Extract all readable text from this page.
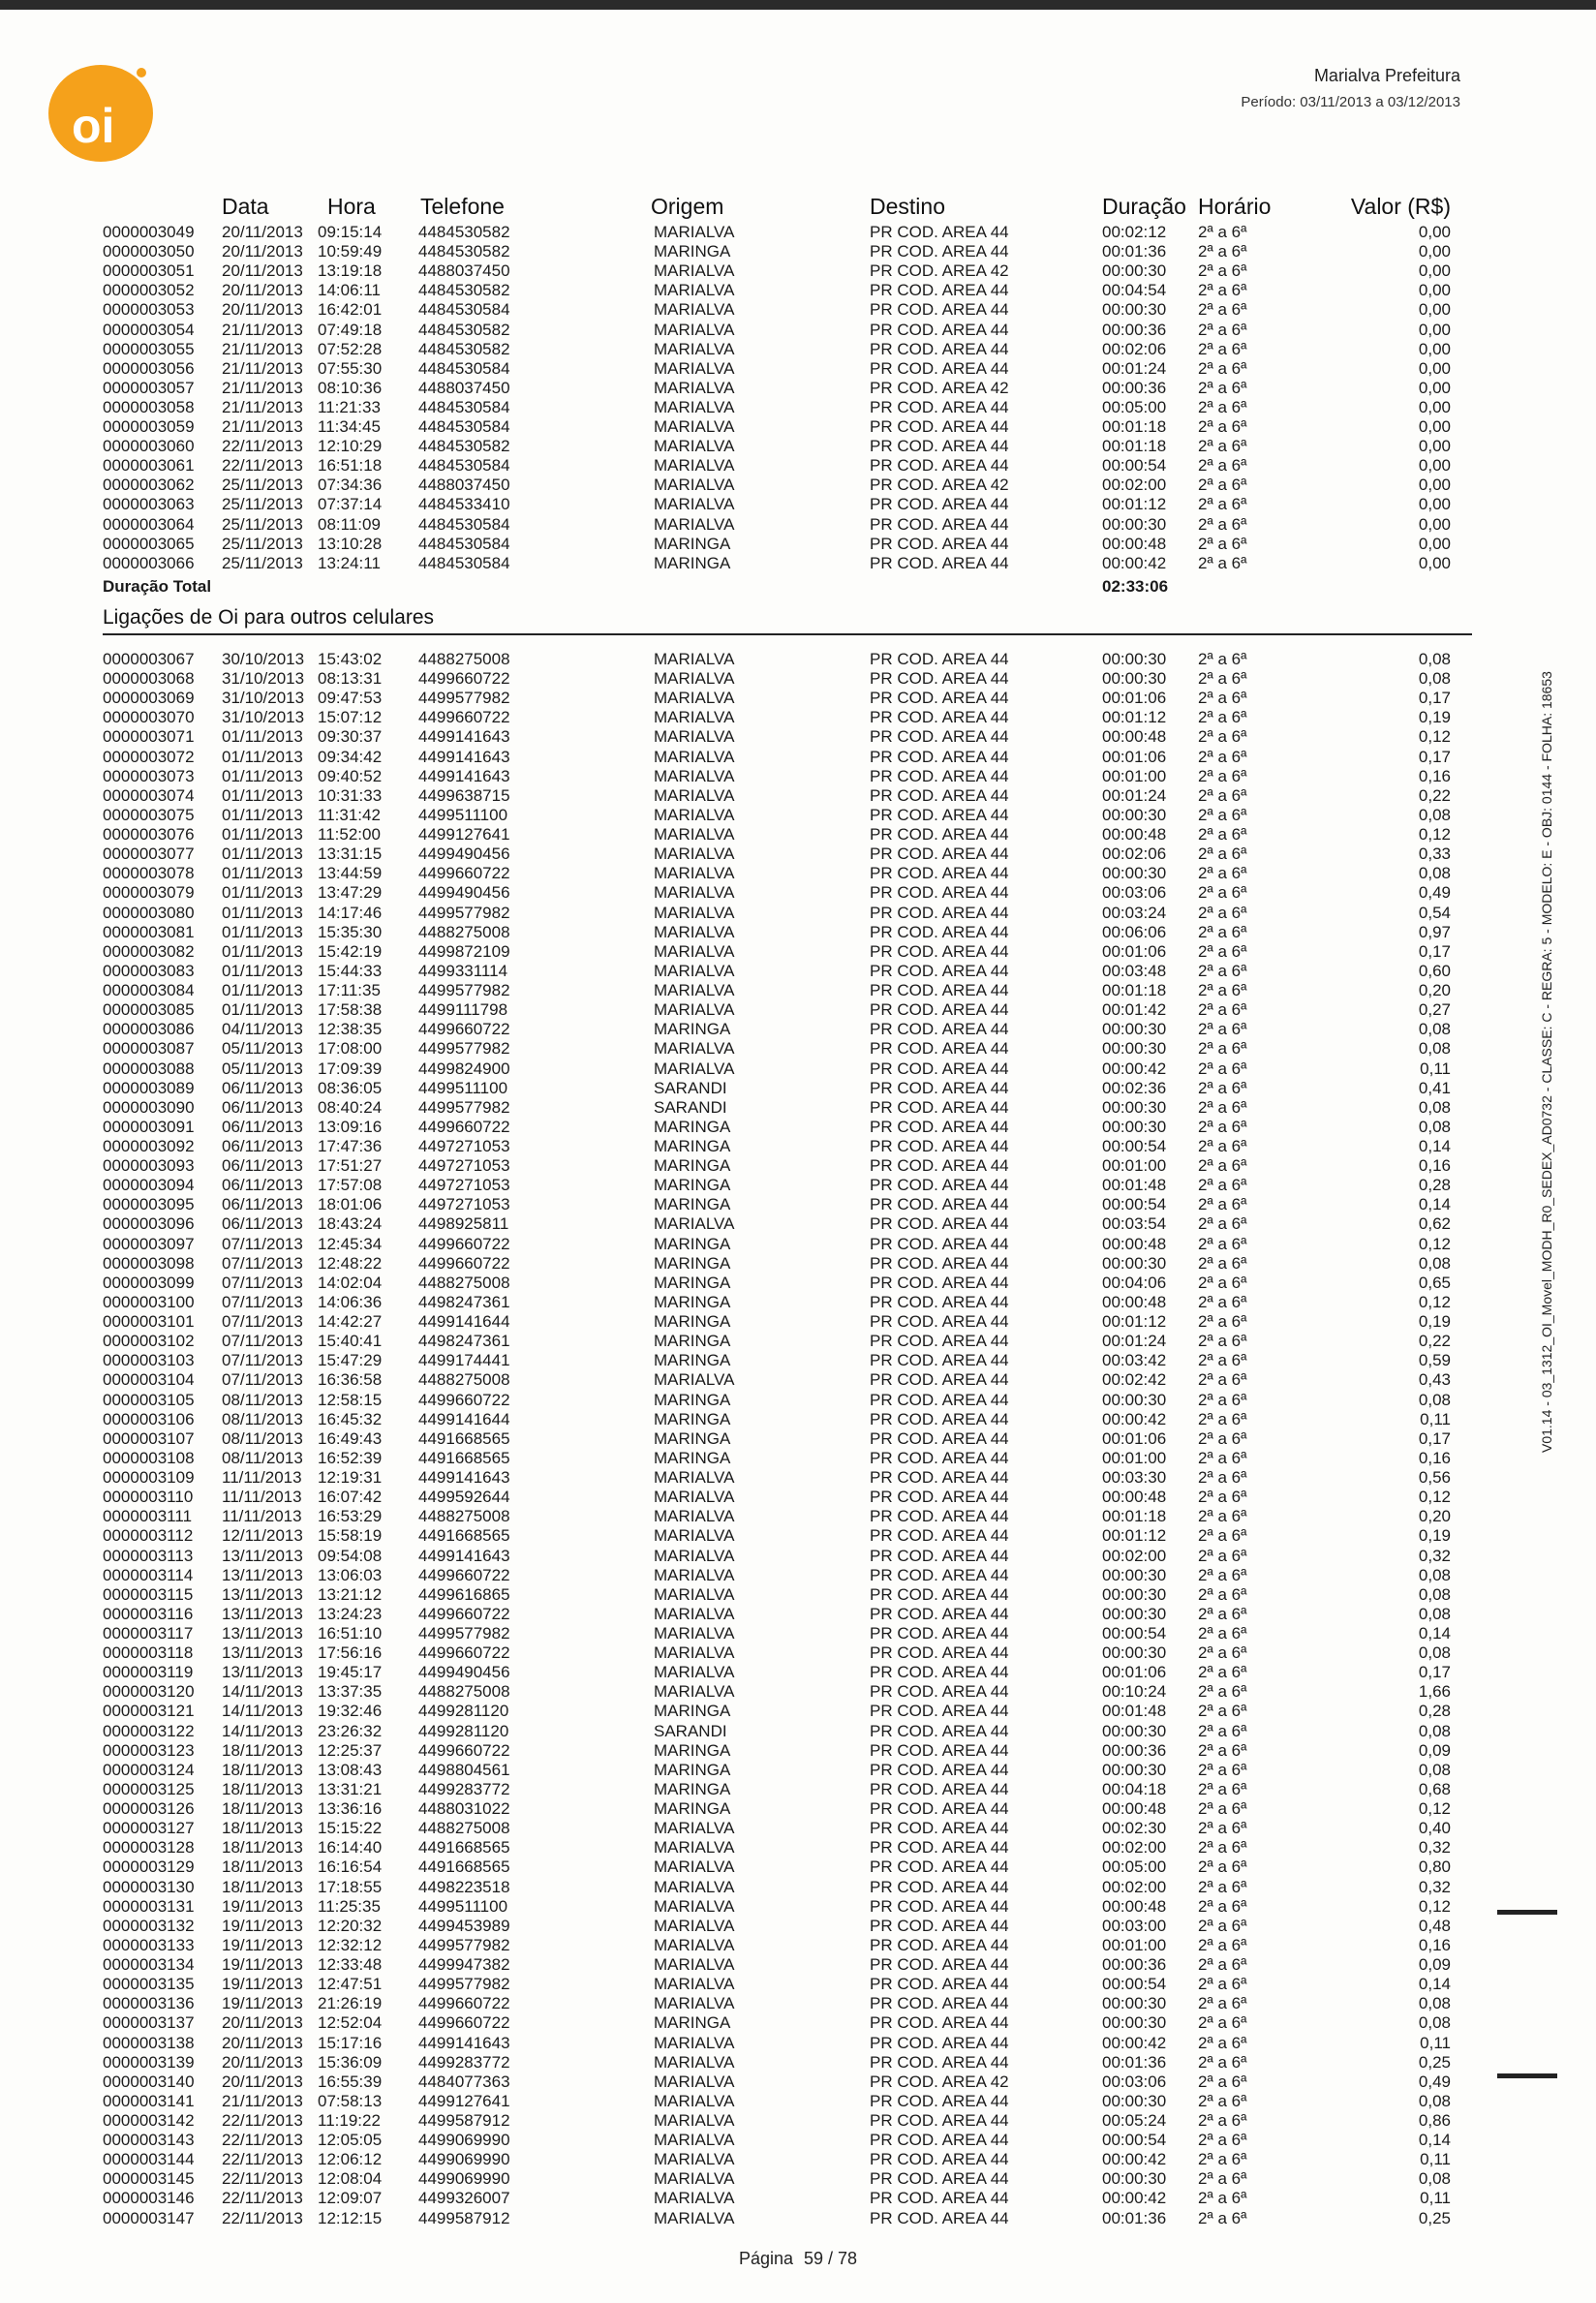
oi
Marialva Prefeitura
Período: 03/11/2013 a 03/12/2013
Data	Hora Telefone	Origem	Destino	Duração Horário	Valor (R$)
0000003049 20/11/2013 09:15:14 4484530582	MARIALVA	PR COD. AREA 44	00:02:12 2ª a 6ª	0,00
0000003050 20/11/2013 10:59:49 4484530582	MARINGA	PR COD. AREA 44	00:01:36 2ª a 6ª	0,00
0000003051 20/11/2013 13:19:18 4488037450	MARIALVA	PR COD. AREA 42	00:00:30 2ª a 6ª	0,00
0000003052 20/11/2013 14:06:11 4484530582	MARIALVA	PR COD. AREA 44	00:04:54 2ª a 6ª	0,00
0000003053 20/11/2013 16:42:01 4484530584	MARIALVA	PR COD. AREA 44	00:00:30 2ª a 6ª	0,00
0000003054 21/11/2013 07:49:18 4484530582	MARIALVA	PR COD. AREA 44	00:00:36 2ª a 6ª	0,00
0000003055 21/11/2013 07:52:28 4484530582	MARIALVA	PR COD. AREA 44	00:02:06 2ª a 6ª	0,00
0000003056 21/11/2013 07:55:30 4484530584	MARIALVA	PR COD. AREA 44	00:01:24 2ª a 6ª	0,00
0000003057 21/11/2013 08:10:36 4488037450	MARIALVA	PR COD. AREA 42	00:00:36 2ª a 6ª	0,00
0000003058 21/11/2013 11:21:33 4484530584	MARIALVA	PR COD. AREA 44	00:05:00 2ª a 6ª	0,00
0000003059 21/11/2013 11:34:45 4484530584	MARIALVA	PR COD. AREA 44	00:01:18 2ª a 6ª	0,00
0000003060 22/11/2013 12:10:29 4484530582	MARIALVA	PR COD. AREA 44	00:01:18 2ª a 6ª	0,00
0000003061 22/11/2013 16:51:18 4484530584	MARIALVA	PR COD. AREA 44	00:00:54 2ª a 6ª	0,00
0000003062 25/11/2013 07:34:36 4488037450	MARIALVA	PR COD. AREA 42	00:02:00 2ª a 6ª	0,00
0000003063 25/11/2013 07:37:14 4484533410	MARIALVA	PR COD. AREA 44	00:01:12 2ª a 6ª	0,00
0000003064 25/11/2013 08:11:09 4484530584	MARIALVA	PR COD. AREA 44	00:00:30 2ª a 6ª	0,00
0000003065 25/11/2013 13:10:28 4484530584	MARINGA	PR COD. AREA 44	00:00:48 2ª a 6ª	0,00
0000003066 25/11/2013 13:24:11 4484530584	MARINGA	PR COD. AREA 44	00:00:42 2ª a 6ª	0,00
Duração Total	02:33:06
Ligações de Oi para outros celulares
0000003067 30/10/2013 15:43:02 4488275008	MARIALVA	PR COD. AREA 44	00:00:30 2ª a 6ª	0,08
0000003068 31/10/2013 08:13:31 4499660722	MARIALVA	PR COD. AREA 44	00:00:30 2ª a 6ª	0,08
0000003069 31/10/2013 09:47:53 4499577982	MARIALVA	PR COD. AREA 44	00:01:06 2ª a 6ª	0,17
0000003070 31/10/2013 15:07:12 4499660722	MARIALVA	PR COD. AREA 44	00:01:12 2ª a 6ª	0,19
0000003071 01/11/2013 09:30:37 4499141643	MARIALVA	PR COD. AREA 44	00:00:48 2ª a 6ª	0,12
0000003072 01/11/2013 09:34:42 4499141643	MARIALVA	PR COD. AREA 44	00:01:06 2ª a 6ª	0,17
0000003073 01/11/2013 09:40:52 4499141643	MARIALVA	PR COD. AREA 44	00:01:00 2ª a 6ª	0,16
0000003074 01/11/2013 10:31:33 4499638715	MARIALVA	PR COD. AREA 44	00:01:24 2ª a 6ª	0,22
0000003075 01/11/2013 11:31:42 4499511100	MARIALVA	PR COD. AREA 44	00:00:30 2ª a 6ª	0,08
0000003076 01/11/2013 11:52:00 4499127641	MARIALVA	PR COD. AREA 44	00:00:48 2ª a 6ª	0,12
0000003077 01/11/2013 13:31:15 4499490456	MARIALVA	PR COD. AREA 44	00:02:06 2ª a 6ª	0,33
0000003078 01/11/2013 13:44:59 4499660722	MARIALVA	PR COD. AREA 44	00:00:30 2ª a 6ª	0,08
0000003079 01/11/2013 13:47:29 4499490456	MARIALVA	PR COD. AREA 44	00:03:06 2ª a 6ª	0,49
0000003080 01/11/2013 14:17:46 4499577982	MARIALVA	PR COD. AREA 44	00:03:24 2ª a 6ª	0,54
0000003081 01/11/2013 15:35:30 4488275008	MARIALVA	PR COD. AREA 44	00:06:06 2ª a 6ª	0,97
0000003082 01/11/2013 15:42:19 4499872109	MARIALVA	PR COD. AREA 44	00:01:06 2ª a 6ª	0,17
0000003083 01/11/2013 15:44:33 4499331114	MARIALVA	PR COD. AREA 44	00:03:48 2ª a 6ª	0,60
0000003084 01/11/2013 17:11:35 4499577982	MARIALVA	PR COD. AREA 44	00:01:18 2ª a 6ª	0,20
0000003085 01/11/2013 17:58:38 4499111798	MARIALVA	PR COD. AREA 44	00:01:42 2ª a 6ª	0,27
0000003086 04/11/2013 12:38:35 4499660722	MARINGA	PR COD. AREA 44	00:00:30 2ª a 6ª	0,08
0000003087 05/11/2013 17:08:00 4499577982	MARIALVA	PR COD. AREA 44	00:00:30 2ª a 6ª	0,08
0000003088 05/11/2013 17:09:39 4499824900	MARIALVA	PR COD. AREA 44	00:00:42 2ª a 6ª	0,11
0000003089 06/11/2013 08:36:05 4499511100	SARANDI	PR COD. AREA 44	00:02:36 2ª a 6ª	0,41
0000003090 06/11/2013 08:40:24 4499577982	SARANDI	PR COD. AREA 44	00:00:30 2ª a 6ª	0,08
0000003091 06/11/2013 13:09:16 4499660722	MARINGA	PR COD. AREA 44	00:00:30 2ª a 6ª	0,08
0000003092 06/11/2013 17:47:36 4497271053	MARINGA	PR COD. AREA 44	00:00:54 2ª a 6ª	0,14
0000003093 06/11/2013 17:51:27 4497271053	MARINGA	PR COD. AREA 44	00:01:00 2ª a 6ª	0,16
0000003094 06/11/2013 17:57:08 4497271053	MARINGA	PR COD. AREA 44	00:01:48 2ª a 6ª	0,28
0000003095 06/11/2013 18:01:06 4497271053	MARINGA	PR COD. AREA 44	00:00:54 2ª a 6ª	0,14
0000003096 06/11/2013 18:43:24 4498925811	MARIALVA	PR COD. AREA 44	00:03:54 2ª a 6ª	0,62
0000003097 07/11/2013 12:45:34 4499660722	MARINGA	PR COD. AREA 44	00:00:48 2ª a 6ª	0,12
0000003098 07/11/2013 12:48:22 4499660722	MARINGA	PR COD. AREA 44	00:00:30 2ª a 6ª	0,08
0000003099 07/11/2013 14:02:04 4488275008	MARINGA	PR COD. AREA 44	00:04:06 2ª a 6ª	0,65
0000003100 07/11/2013 14:06:36 4498247361	MARINGA	PR COD. AREA 44	00:00:48 2ª a 6ª	0,12
0000003101 07/11/2013 14:42:27 4499141644	MARINGA	PR COD. AREA 44	00:01:12 2ª a 6ª	0,19
0000003102 07/11/2013 15:40:41 4498247361	MARINGA	PR COD. AREA 44	00:01:24 2ª a 6ª	0,22
0000003103 07/11/2013 15:47:29 4499174441	MARINGA	PR COD. AREA 44	00:03:42 2ª a 6ª	0,59
0000003104 07/11/2013 16:36:58 4488275008	MARIALVA	PR COD. AREA 44	00:02:42 2ª a 6ª	0,43
0000003105 08/11/2013 12:58:15 4499660722	MARINGA	PR COD. AREA 44	00:00:30 2ª a 6ª	0,08
0000003106 08/11/2013 16:45:32 4499141644	MARINGA	PR COD. AREA 44	00:00:42 2ª a 6ª	0,11
0000003107 08/11/2013 16:49:43 4491668565	MARINGA	PR COD. AREA 44	00:01:06 2ª a 6ª	0,17
0000003108 08/11/2013 16:52:39 4491668565	MARINGA	PR COD. AREA 44	00:01:00 2ª a 6ª	0,16
0000003109 11/11/2013 12:19:31 4499141643	MARIALVA	PR COD. AREA 44	00:03:30 2ª a 6ª	0,56
0000003110 11/11/2013 16:07:42 4499592644	MARIALVA	PR COD. AREA 44	00:00:48 2ª a 6ª	0,12
0000003111 11/11/2013 16:53:29 4488275008	MARIALVA	PR COD. AREA 44	00:01:18 2ª a 6ª	0,20
0000003112 12/11/2013 15:58:19 4491668565	MARIALVA	PR COD. AREA 44	00:01:12 2ª a 6ª	0,19
0000003113 13/11/2013 09:54:08 4499141643	MARIALVA	PR COD. AREA 44	00:02:00 2ª a 6ª	0,32
0000003114 13/11/2013 13:06:03 4499660722	MARIALVA	PR COD. AREA 44	00:00:30 2ª a 6ª	0,08
0000003115 13/11/2013 13:21:12 4499616865	MARIALVA	PR COD. AREA 44	00:00:30 2ª a 6ª	0,08
0000003116 13/11/2013 13:24:23 4499660722	MARIALVA	PR COD. AREA 44	00:00:30 2ª a 6ª	0,08
0000003117 13/11/2013 16:51:10 4499577982	MARIALVA	PR COD. AREA 44	00:00:54 2ª a 6ª	0,14
0000003118 13/11/2013 17:56:16 4499660722	MARIALVA	PR COD. AREA 44	00:00:30 2ª a 6ª	0,08
0000003119 13/11/2013 19:45:17 4499490456	MARIALVA	PR COD. AREA 44	00:01:06 2ª a 6ª	0,17
0000003120 14/11/2013 13:37:35 4488275008	MARIALVA	PR COD. AREA 44	00:10:24 2ª a 6ª	1,66
0000003121 14/11/2013 19:32:46 4499281120	MARINGA	PR COD. AREA 44	00:01:48 2ª a 6ª	0,28
0000003122 14/11/2013 23:26:32 4499281120	SARANDI	PR COD. AREA 44	00:00:30 2ª a 6ª	0,08
0000003123 18/11/2013 12:25:37 4499660722	MARINGA	PR COD. AREA 44	00:00:36 2ª a 6ª	0,09
0000003124 18/11/2013 13:08:43 4498804561	MARINGA	PR COD. AREA 44	00:00:30 2ª a 6ª	0,08
0000003125 18/11/2013 13:31:21 4499283772	MARINGA	PR COD. AREA 44	00:04:18 2ª a 6ª	0,68
0000003126 18/11/2013 13:36:16 4488031022	MARINGA	PR COD. AREA 44	00:00:48 2ª a 6ª	0,12
0000003127 18/11/2013 15:15:22 4488275008	MARIALVA	PR COD. AREA 44	00:02:30 2ª a 6ª	0,40
0000003128 18/11/2013 16:14:40 4491668565	MARIALVA	PR COD. AREA 44	00:02:00 2ª a 6ª	0,32
0000003129 18/11/2013 16:16:54 4491668565	MARIALVA	PR COD. AREA 44	00:05:00 2ª a 6ª	0,80
0000003130 18/11/2013 17:18:55 4498223518	MARIALVA	PR COD. AREA 44	00:02:00 2ª a 6ª	0,32
0000003131 19/11/2013 11:25:35 4499511100	MARIALVA	PR COD. AREA 44	00:00:48 2ª a 6ª	0,12
0000003132 19/11/2013 12:20:32 4499453989	MARIALVA	PR COD. AREA 44	00:03:00 2ª a 6ª	0,48
0000003133 19/11/2013 12:32:12 4499577982	MARIALVA	PR COD. AREA 44	00:01:00 2ª a 6ª	0,16
0000003134 19/11/2013 12:33:48 4499947382	MARIALVA	PR COD. AREA 44	00:00:36 2ª a 6ª	0,09
0000003135 19/11/2013 12:47:51 4499577982	MARIALVA	PR COD. AREA 44	00:00:54 2ª a 6ª	0,14
0000003136 19/11/2013 21:26:19 4499660722	MARIALVA	PR COD. AREA 44	00:00:30 2ª a 6ª	0,08
0000003137 20/11/2013 12:52:04 4499660722	MARINGA	PR COD. AREA 44	00:00:30 2ª a 6ª	0,08
0000003138 20/11/2013 15:17:16 4499141643	MARIALVA	PR COD. AREA 44	00:00:42 2ª a 6ª	0,11
0000003139 20/11/2013 15:36:09 4499283772	MARIALVA	PR COD. AREA 44	00:01:36 2ª a 6ª	0,25
0000003140 20/11/2013 16:55:39 4484077363	MARIALVA	PR COD. AREA 42	00:03:06 2ª a 6ª	0,49
0000003141 21/11/2013 07:58:13 4499127641	MARIALVA	PR COD. AREA 44	00:00:30 2ª a 6ª	0,08
0000003142 22/11/2013 11:19:22 4499587912	MARIALVA	PR COD. AREA 44	00:05:24 2ª a 6ª	0,86
0000003143 22/11/2013 12:05:05 4499069990	MARIALVA	PR COD. AREA 44	00:00:54 2ª a 6ª	0,14
0000003144 22/11/2013 12:06:12 4499069990	MARIALVA	PR COD. AREA 44	00:00:42 2ª a 6ª	0,11
0000003145 22/11/2013 12:08:04 4499069990	MARIALVA	PR COD. AREA 44	00:00:30 2ª a 6ª	0,08
0000003146 22/11/2013 12:09:07 4499326007	MARIALVA	PR COD. AREA 44	00:00:42 2ª a 6ª	0,11
0000003147 22/11/2013 12:12:15 4499587912	MARIALVA	PR COD. AREA 44	00:01:36 2ª a 6ª	0,25
V01.14 - 03_1312_OI_Movel_MODH_R0_SEDEX_AD0732 - CLASSE: C - REGRA: 5 - MODELO: E - OBJ: 0144 - FOLHA: 18653
Página 59 / 78
